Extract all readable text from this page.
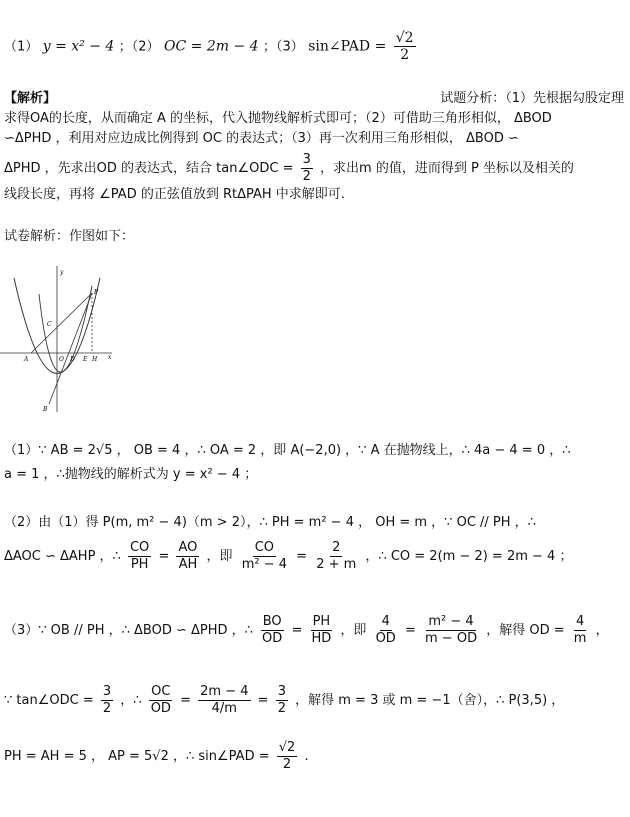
（1） y = x² − 4 ；（2） OC = 2m − 4 ；（3） sin∠PAD = $\frac{√2}{2}$
【解析】	试题分析：（1）先根据勾股定理
求得OA的长度，从而确定 A 的坐标，代入抛物线解析式即可；（2）可借助三角形相似， ΔBOD
∽ΔPHD ，利用对应边成比例得到 OC 的表达式；（3）再一次利用三角形相似， ΔBOD ∽
ΔPHD ，先求出OD 的表达式，结合 tan∠ODC = $\frac{3}{2}$ ，求出m 的值，进而得到 P 坐标以及相关的
线段长度，再将 ∠PAD 的正弦值放到 RtΔPAH 中求解即可.
试卷解析：作图如下：
y
P
C
A	O D E H x
B
（1）∵ AB = 2√5 ， OB = 4 ，∴ OA = 2 ，即 A(−2,0) ，∵ A 在抛物线上，∴ 4a − 4 = 0 ，∴
a = 1 ，∴抛物线的解析式为 y = x² − 4 ；
（2）由（1）得 P(m, m² − 4)（m > 2），∴ PH = m² − 4 ， OH = m ，∵ OC // PH ，∴
ΔAOC ∽ ΔAHP ，∴ $\frac{CO}{PH} = \frac{AO}{AH}$ ，即 $\frac{CO}{\text{m² − 4}} = \frac{2}{2 + m}$ ，∴ CO = 2(m − 2) = 2m − 4 ；
（3）∵ OB // PH ，∴ ΔBOD ∽ ΔPHD ，∴ $\frac{BO}{OD} = \frac{PH}{HD}$ ，即 $\frac{4}{OD} = \frac{\text{m² − 4}}{m - OD}$ ，解得 OD = $\frac{4}{m}$ ，
∵ tan∠ODC = $\frac{3}{2}$ ，∴ $\frac{OC}{OD} = \frac{2m - 4}{4/m} = \frac{3}{2}$ ，解得 m = 3 或 m = −1（舍），∴ P(3,5) ，
PH = AH = 5 ， AP = 5√2 ，∴ sin∠PAD = $\frac{√2}{2}$ .
